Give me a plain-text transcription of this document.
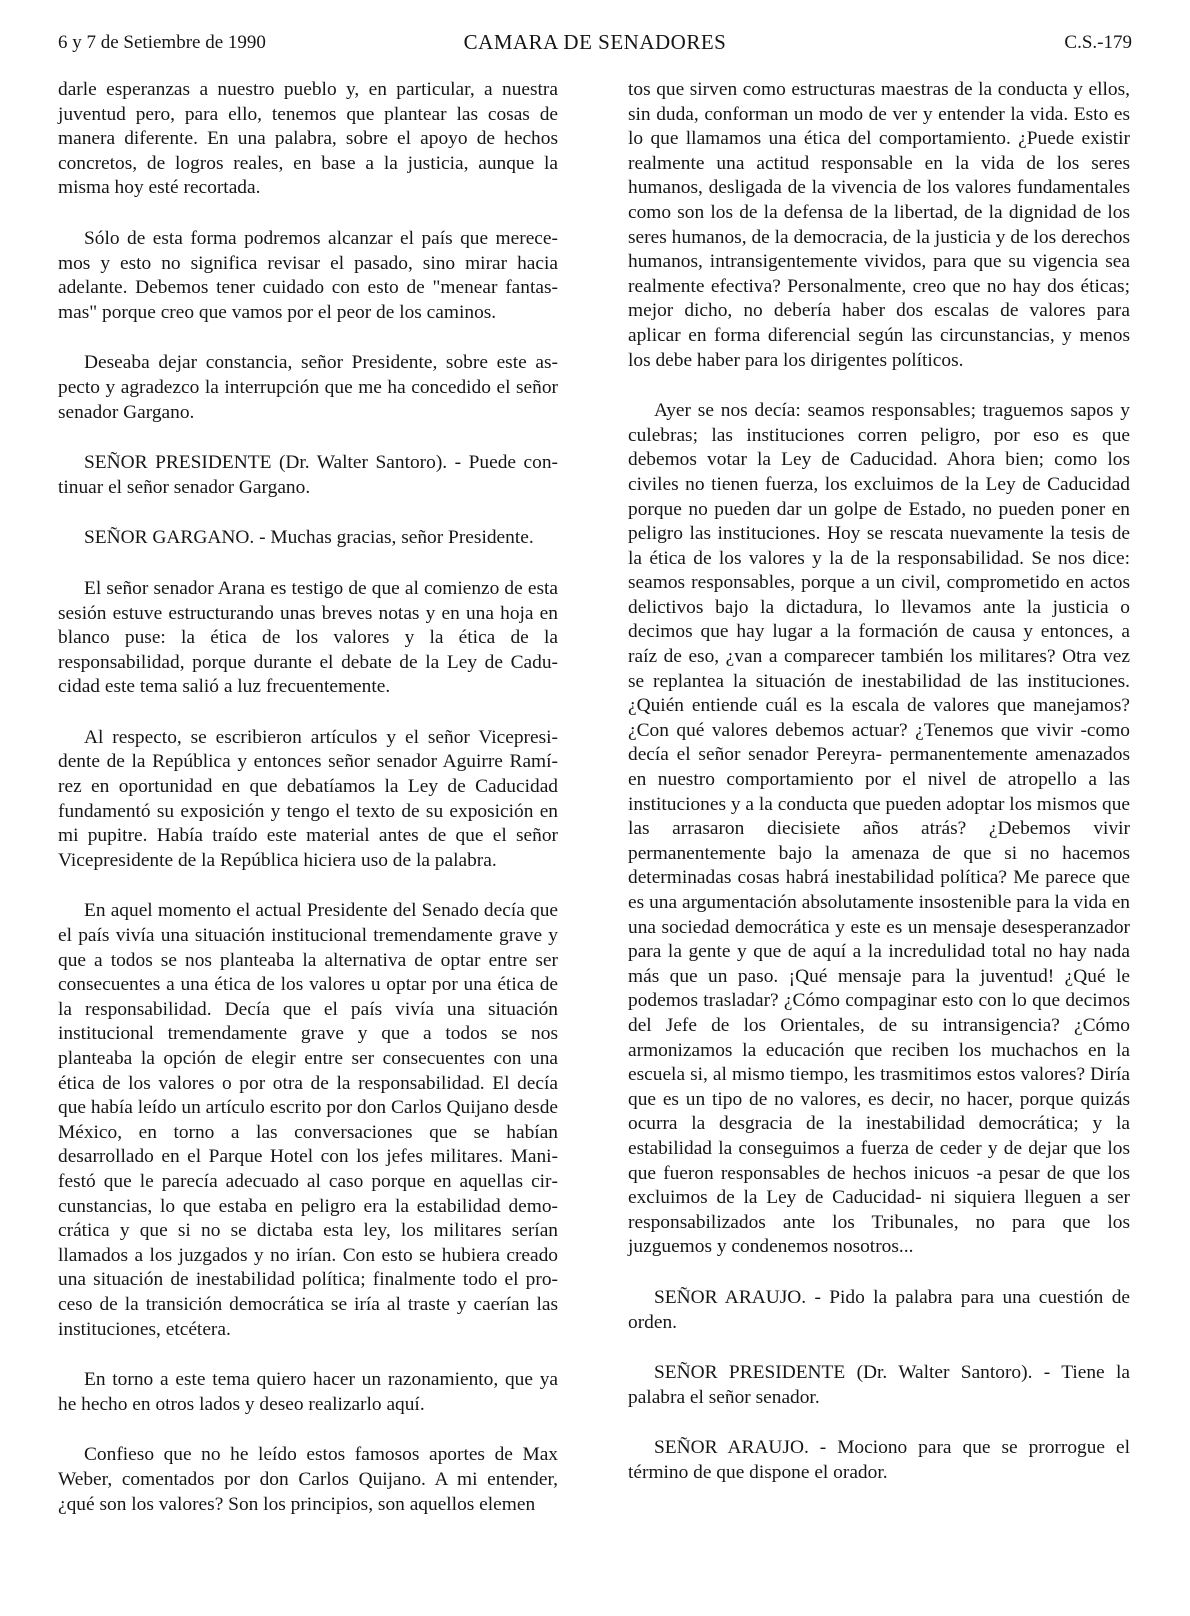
6 y 7 de Setiembre de 1990	CAMARA DE SENADORES	C.S.-179

darle esperanzas a nuestro pueblo y, en particular, a nuestra juventud pero, para ello, tenemos que plantear las cosas de manera diferente. En una palabra, sobre el apoyo de hechos concretos, de logros reales, en base a la justicia, aunque la misma hoy esté recortada.

Sólo de esta forma podremos alcanzar el país que merecemos y esto no significa revisar el pasado, sino mirar hacia adelante. Debemos tener cuidado con esto de "menear fantasmas" porque creo que vamos por el peor de los caminos.

Deseaba dejar constancia, señor Presidente, sobre este aspecto y agradezco la interrupción que me ha concedido el señor senador Gargano.

SEÑOR PRESIDENTE (Dr. Walter Santoro). - Puede continuar el señor senador Gargano.

SEÑOR GARGANO. - Muchas gracias, señor Presidente.

El señor senador Arana es testigo de que al comienzo de esta sesión estuve estructurando unas breves notas y en una hoja en blanco puse: la ética de los valores y la ética de la responsabilidad, porque durante el debate de la Ley de Caducidad este tema salió a luz frecuentemente.

Al respecto, se escribieron artículos y el señor Vicepresidente de la República y entonces señor senador Aguirre Ramírez en oportunidad en que debatíamos la Ley de Caducidad fundamentó su exposición y tengo el texto de su exposición en mi pupitre. Había traído este material antes de que el señor Vicepresidente de la República hiciera uso de la palabra.

En aquel momento el actual Presidente del Senado decía que el país vivía una situación institucional tremendamente grave y que a todos se nos planteaba la alternativa de optar entre ser consecuentes a una ética de los valores u optar por una ética de la responsabilidad. Decía que el país vivía una situación institucional tremendamente grave y que a todos se nos planteaba la opción de elegir entre ser consecuentes con una ética de los valores o por otra de la responsabilidad. El decía que había leído un artículo escrito por don Carlos Quijano desde México, en torno a las conversaciones que se habían desarrollado en el Parque Hotel con los jefes militares. Manifestó que le parecía adecuado al caso porque en aquellas circunstancias, lo que estaba en peligro era la estabilidad democrática y que si no se dictaba esta ley, los militares serían llamados a los juzgados y no irían. Con esto se hubiera creado una situación de inestabilidad política; finalmente todo el proceso de la transición democrática se iría al traste y caerían las instituciones, etcétera.

En torno a este tema quiero hacer un razonamiento, que ya he hecho en otros lados y deseo realizarlo aquí.

Confieso que no he leído estos famosos aportes de Max Weber, comentados por don Carlos Quijano. A mi entender, ¿qué son los valores? Son los principios, son aquellos elemen

tos que sirven como estructuras maestras de la conducta y ellos, sin duda, conforman un modo de ver y entender la vida. Esto es lo que llamamos una ética del comportamiento. ¿Puede existir realmente una actitud responsable en la vida de los seres humanos, desligada de la vivencia de los valores fundamentales como son los de la defensa de la libertad, de la dignidad de los seres humanos, de la democracia, de la justicia y de los derechos humanos, intransigentemente vividos, para que su vigencia sea realmente efectiva? Personalmente, creo que no hay dos éticas; mejor dicho, no debería haber dos escalas de valores para aplicar en forma diferencial según las circunstancias, y menos los debe haber para los dirigentes políticos.

Ayer se nos decía: seamos responsables; traguemos sapos y culebras; las instituciones corren peligro, por eso es que debemos votar la Ley de Caducidad. Ahora bien; como los civiles no tienen fuerza, los excluimos de la Ley de Caducidad porque no pueden dar un golpe de Estado, no pueden poner en peligro las instituciones. Hoy se rescata nuevamente la tesis de la ética de los valores y la de la responsabilidad. Se nos dice: seamos responsables, porque a un civil, comprometido en actos delictivos bajo la dictadura, lo llevamos ante la justicia o decimos que hay lugar a la formación de causa y entonces, a raíz de eso, ¿van a comparecer también los militares? Otra vez se replantea la situación de inestabilidad de las instituciones. ¿Quién entiende cuál es la escala de valores que manejamos? ¿Con qué valores debemos actuar? ¿Tenemos que vivir -como decía el señor senador Pereyra- permanentemente amenazados en nuestro comportamiento por el nivel de atropello a las instituciones y a la conducta que pueden adoptar los mismos que las arrasaron diecisiete años atrás? ¿Debemos vivir permanentemente bajo la amenaza de que si no hacemos determinadas cosas habrá inestabilidad política? Me parece que es una argumentación absolutamente insostenible para la vida en una sociedad democrática y este es un mensaje desesperanzador para la gente y que de aquí a la incredulidad total no hay nada más que un paso. ¡Qué mensaje para la juventud! ¿Qué le podemos trasladar? ¿Cómo compaginar esto con lo que decimos del Jefe de los Orientales, de su intransigencia? ¿Cómo armonizamos la educación que reciben los muchachos en la escuela si, al mismo tiempo, les trasmitimos estos valores? Diría que es un tipo de no valores, es decir, no hacer, porque quizás ocurra la desgracia de la inestabilidad democrática; y la estabilidad la conseguimos a fuerza de ceder y de dejar que los que fueron responsables de hechos inicuos -a pesar de que los excluimos de la Ley de Caducidad- ni siquiera lleguen a ser responsabilizados ante los Tribunales, no para que los juzguemos y condenemos nosotros...

SEÑOR ARAUJO. - Pido la palabra para una cuestión de orden.

SEÑOR PRESIDENTE (Dr. Walter Santoro). - Tiene la palabra el señor senador.

SEÑOR ARAUJO. - Mociono para que se prorrogue el término de que dispone el orador.
